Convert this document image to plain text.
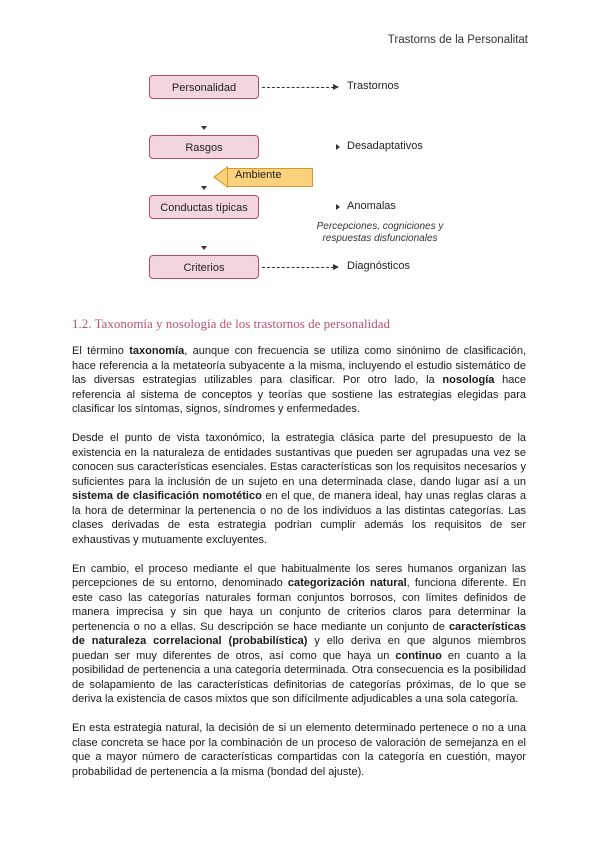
Trastorns de la Personalitat
Personalidad
Rasgos
Conductas típicas
Criterios
Trastornos
Desadaptativos
Ambiente
Anomalas
Percepciones, cogniciones y
respuestas disfuncionales
Diagnósticos
1.2. Taxonomía y nosología de los trastornos de personalidad

El término taxonomía, aunque con frecuencia se utiliza como sinónimo de clasificación, hace referencia a la metateoría subyacente a la misma, incluyendo el estudio sistemático de las diversas estrategias utilizables para clasificar. Por otro lado, la nosología hace referencia al sistema de conceptos y teorías que sostiene las estrategias elegidas para clasificar los síntomas, signos, síndromes y enfermedades.

Desde el punto de vista taxonómico, la estrategia clásica parte del presupuesto de la existencia en la naturaleza de entidades sustantivas que pueden ser agrupadas una vez se conocen sus características esenciales. Estas características son los requisitos necesarios y suficientes para la inclusión de un sujeto en una determinada clase, dando lugar así a un sistema de clasificación nomotético en el que, de manera ideal, hay unas reglas claras a la hora de determinar la pertenencia o no de los individuos a las distintas categorías. Las clases derivadas de esta estrategia podrían cumplir además los requisitos de ser exhaustivas y mutuamente excluyentes.

En cambio, el proceso mediante el que habitualmente los seres humanos organizan las percepciones de su entorno, denominado categorización natural, funciona diferente. En este caso las categorías naturales forman conjuntos borrosos, con límites definidos de manera imprecisa y sin que haya un conjunto de criterios claros para determinar la pertenencia o no a ellas. Su descripción se hace mediante un conjunto de características de naturaleza correlacional (probabilística) y ello deriva en que algunos miembros puedan ser muy diferentes de otros, así como que haya un continuo en cuanto a la posibilidad de pertenencia a una categoría determinada. Otra consecuencia es la posibilidad de solapamiento de las características definitorias de categorías próximas, de lo que se deriva la existencia de casos mixtos que son difícilmente adjudicables a una sola categoría.

En esta estrategia natural, la decisión de si un elemento determinado pertenece o no a una clase concreta se hace por la combinación de un proceso de valoración de semejanza en el que a mayor número de características compartidas con la categoría en cuestión, mayor probabilidad de pertenencia a la misma (bondad del ajuste).
